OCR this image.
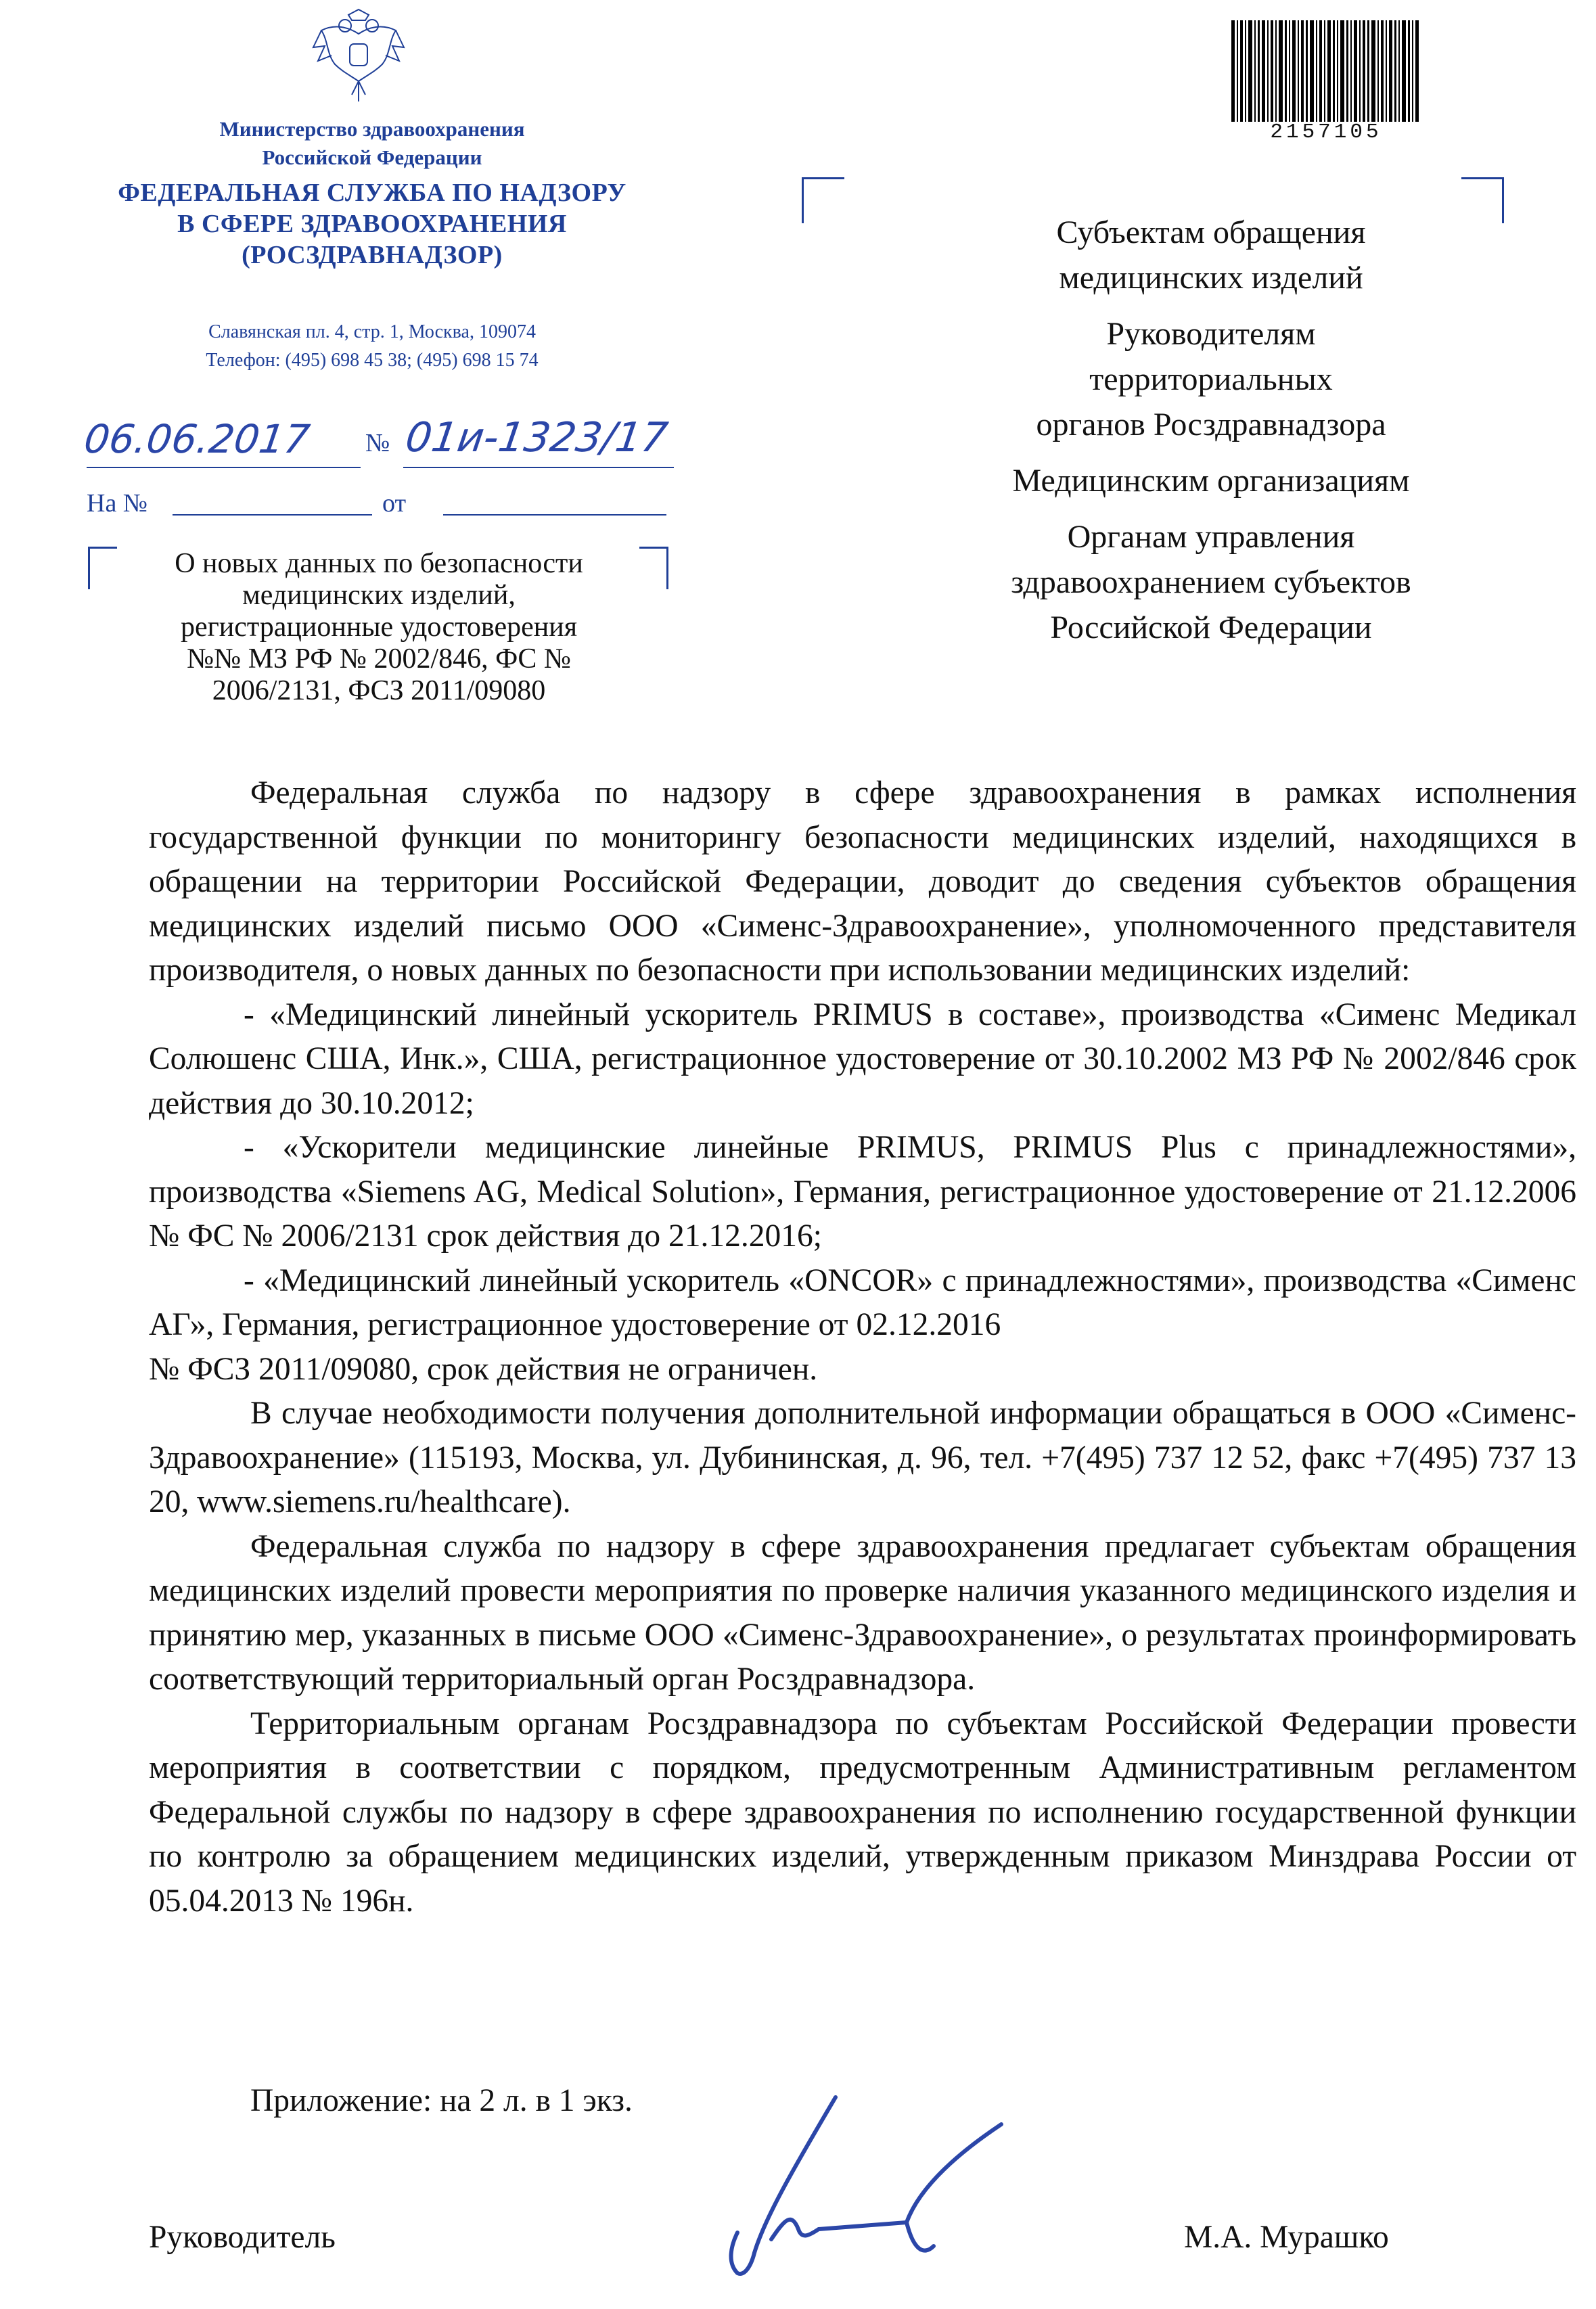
Министерство здравоохранения
Российской Федерации
ФЕДЕРАЛЬНАЯ СЛУЖБА ПО НАДЗОРУ
В СФЕРЕ ЗДРАВООХРАНЕНИЯ
(РОСЗДРАВНАДЗОР)
Славянская пл. 4, стр. 1, Москва, 109074
Телефон: (495) 698 45 38; (495) 698 15 74
06.06.2017	№ 01и-1323/17
На №	от
О новых данных по безопасности
медицинских изделий,
регистрационные удостоверения
№№ МЗ РФ № 2002/846, ФС №
2006/2131, ФСЗ 2011/09080
2157105
Субъектам обращения
медицинских изделий
Руководителям
территориальных
органов Росздравнадзора
Медицинским организациям
Органам управления
здравоохранением субъектов
Российской Федерации

Федеральная служба по надзору в сфере здравоохранения в рамках исполнения государственной функции по мониторингу безопасности медицинских изделий, находящихся в обращении на территории Российской Федерации, доводит до сведения субъектов обращения медицинских изделий письмо ООО «Сименс-Здравоохранение», уполномоченного представителя производителя, о новых данных по безопасности при использовании медицинских изделий:

- «Медицинский линейный ускоритель PRIMUS в составе», производства «Сименс Медикал Солюшенс США, Инк.», США, регистрационное удостоверение от 30.10.2002 МЗ РФ № 2002/846 срок действия до 30.10.2012;

- «Ускорители медицинские линейные PRIMUS, PRIMUS Plus с принадлежностями», производства «Siemens AG, Medical Solution», Германия, регистрационное удостоверение от 21.12.2006 № ФС № 2006/2131 срок действия до 21.12.2016;

- «Медицинский линейный ускоритель «ONCOR» с принадлежностями», производства «Сименс АГ», Германия, регистрационное удостоверение от 02.12.2016

№ ФСЗ 2011/09080, срок действия не ограничен.

В случае необходимости получения дополнительной информации обращаться в ООО «Сименс-Здравоохранение» (115193, Москва, ул. Дубининская, д. 96, тел. +7(495) 737 12 52, факс +7(495) 737 13 20, www.siemens.ru/healthcare).

Федеральная служба по надзору в сфере здравоохранения предлагает субъектам обращения медицинских изделий провести мероприятия по проверке наличия указанного медицинского изделия и принятию мер, указанных в письме ООО «Сименс-Здравоохранение», о результатах проинформировать соответствующий территориальный орган Росздравнадзора.

Территориальным органам Росздравнадзора по субъектам Российской Федерации провести мероприятия в соответствии с порядком, предусмотренным Административным регламентом Федеральной службы по надзору в сфере здравоохранения по исполнению государственной функции по контролю за обращением медицинских изделий, утвержденным приказом Минздрава России от 05.04.2013 № 196н.

Приложение: на 2 л. в 1 экз.
Руководитель	М.А. Мурашко
